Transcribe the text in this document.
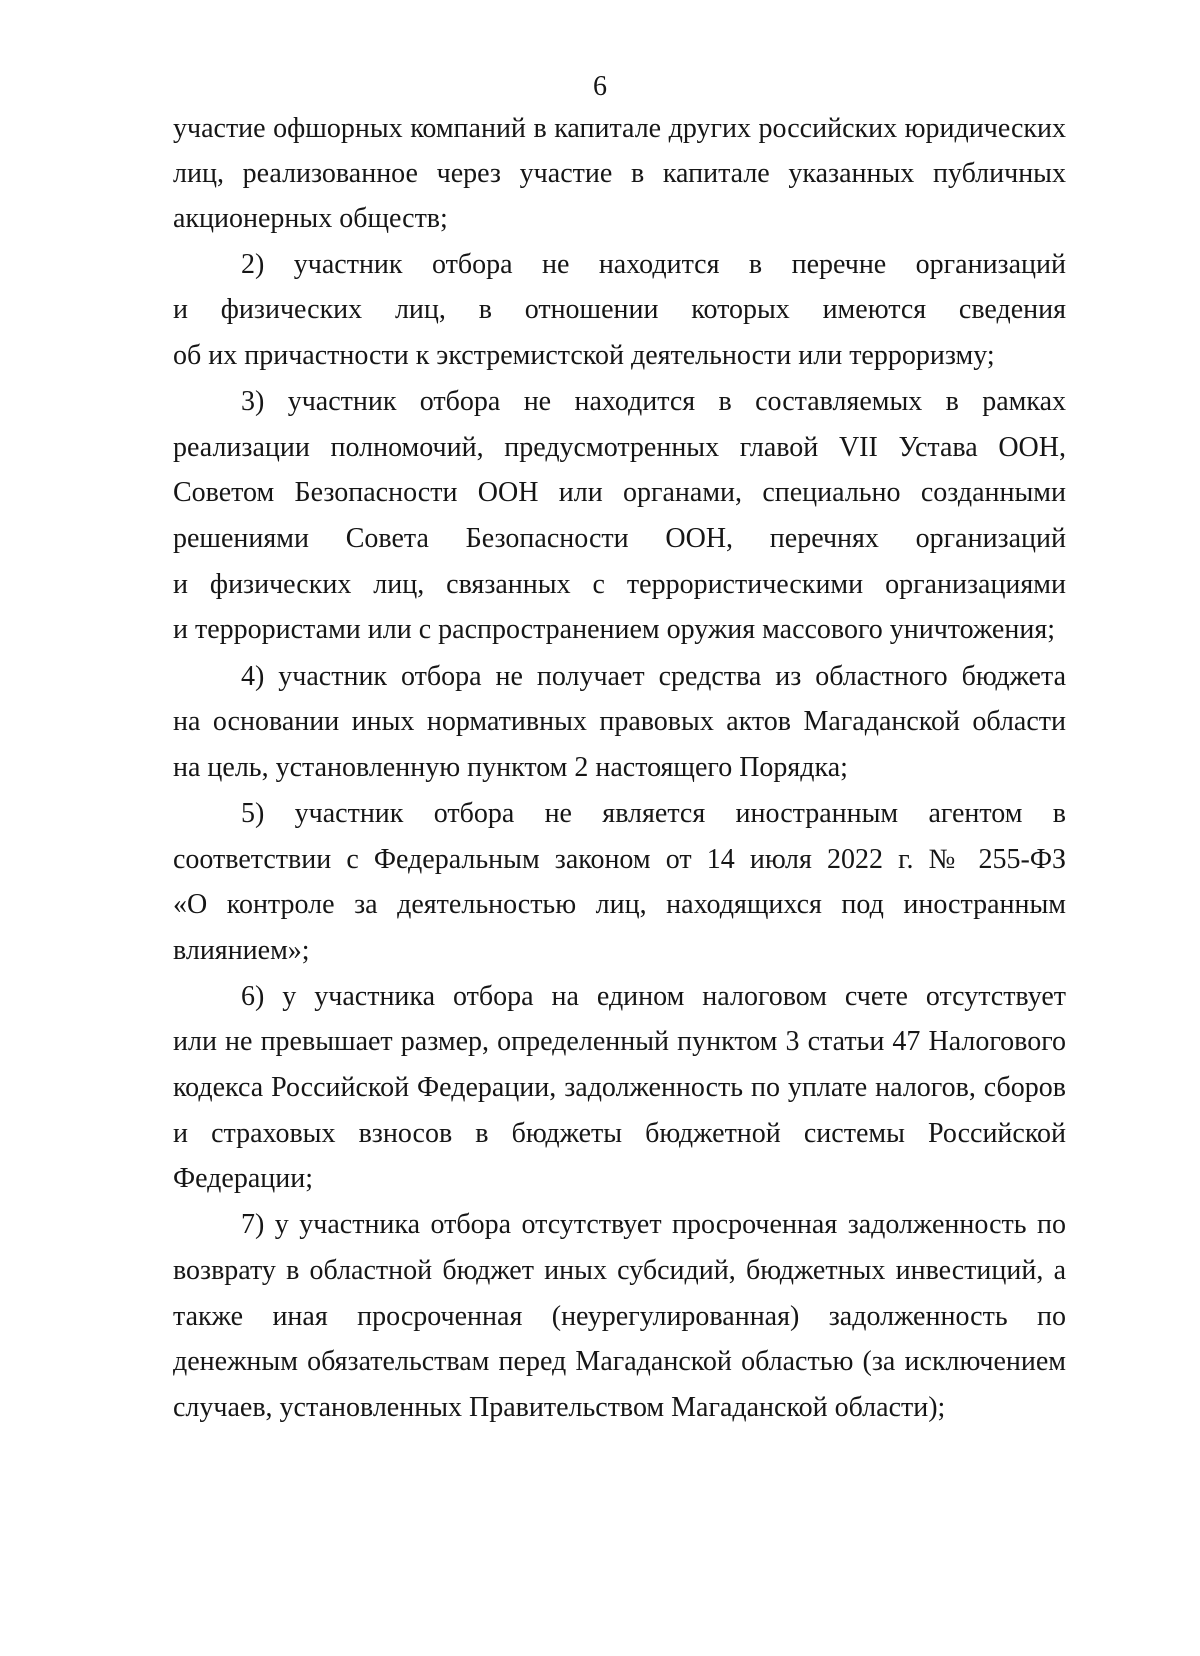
6
участие офшорных компаний в капитале других российских юридических
лиц, реализованное через участие в капитале указанных публичных
акционерных обществ;
2) участник отбора не находится в перечне организаций
и физических лиц, в отношении которых имеются сведения
об их причастности к экстремистской деятельности или терроризму;
3) участник отбора не находится в составляемых в рамках
реализации полномочий, предусмотренных главой VII Устава ООН,
Советом Безопасности ООН или органами, специально созданными
решениями Совета Безопасности ООН, перечнях организаций
и физических лиц, связанных с террористическими организациями
и террористами или с распространением оружия массового уничтожения;
4) участник отбора не получает средства из областного бюджета
на основании иных нормативных правовых актов Магаданской области
на цель, установленную пунктом 2 настоящего Порядка;
5) участник отбора не является иностранным агентом в
соответствии с Федеральным законом от 14 июля 2022 г. № 255-ФЗ
«О контроле за деятельностью лиц, находящихся под иностранным
влиянием»;
6) у участника отбора на едином налоговом счете отсутствует
или не превышает размер, определенный пунктом 3 статьи 47 Налогового
кодекса Российской Федерации, задолженность по уплате налогов, сборов
и страховых взносов в бюджеты бюджетной системы Российской
Федерации;
7) у участника отбора отсутствует просроченная задолженность по
возврату в областной бюджет иных субсидий, бюджетных инвестиций, а
также иная просроченная (неурегулированная) задолженность по
денежным обязательствам перед Магаданской областью (за исключением
случаев, установленных Правительством Магаданской области);
